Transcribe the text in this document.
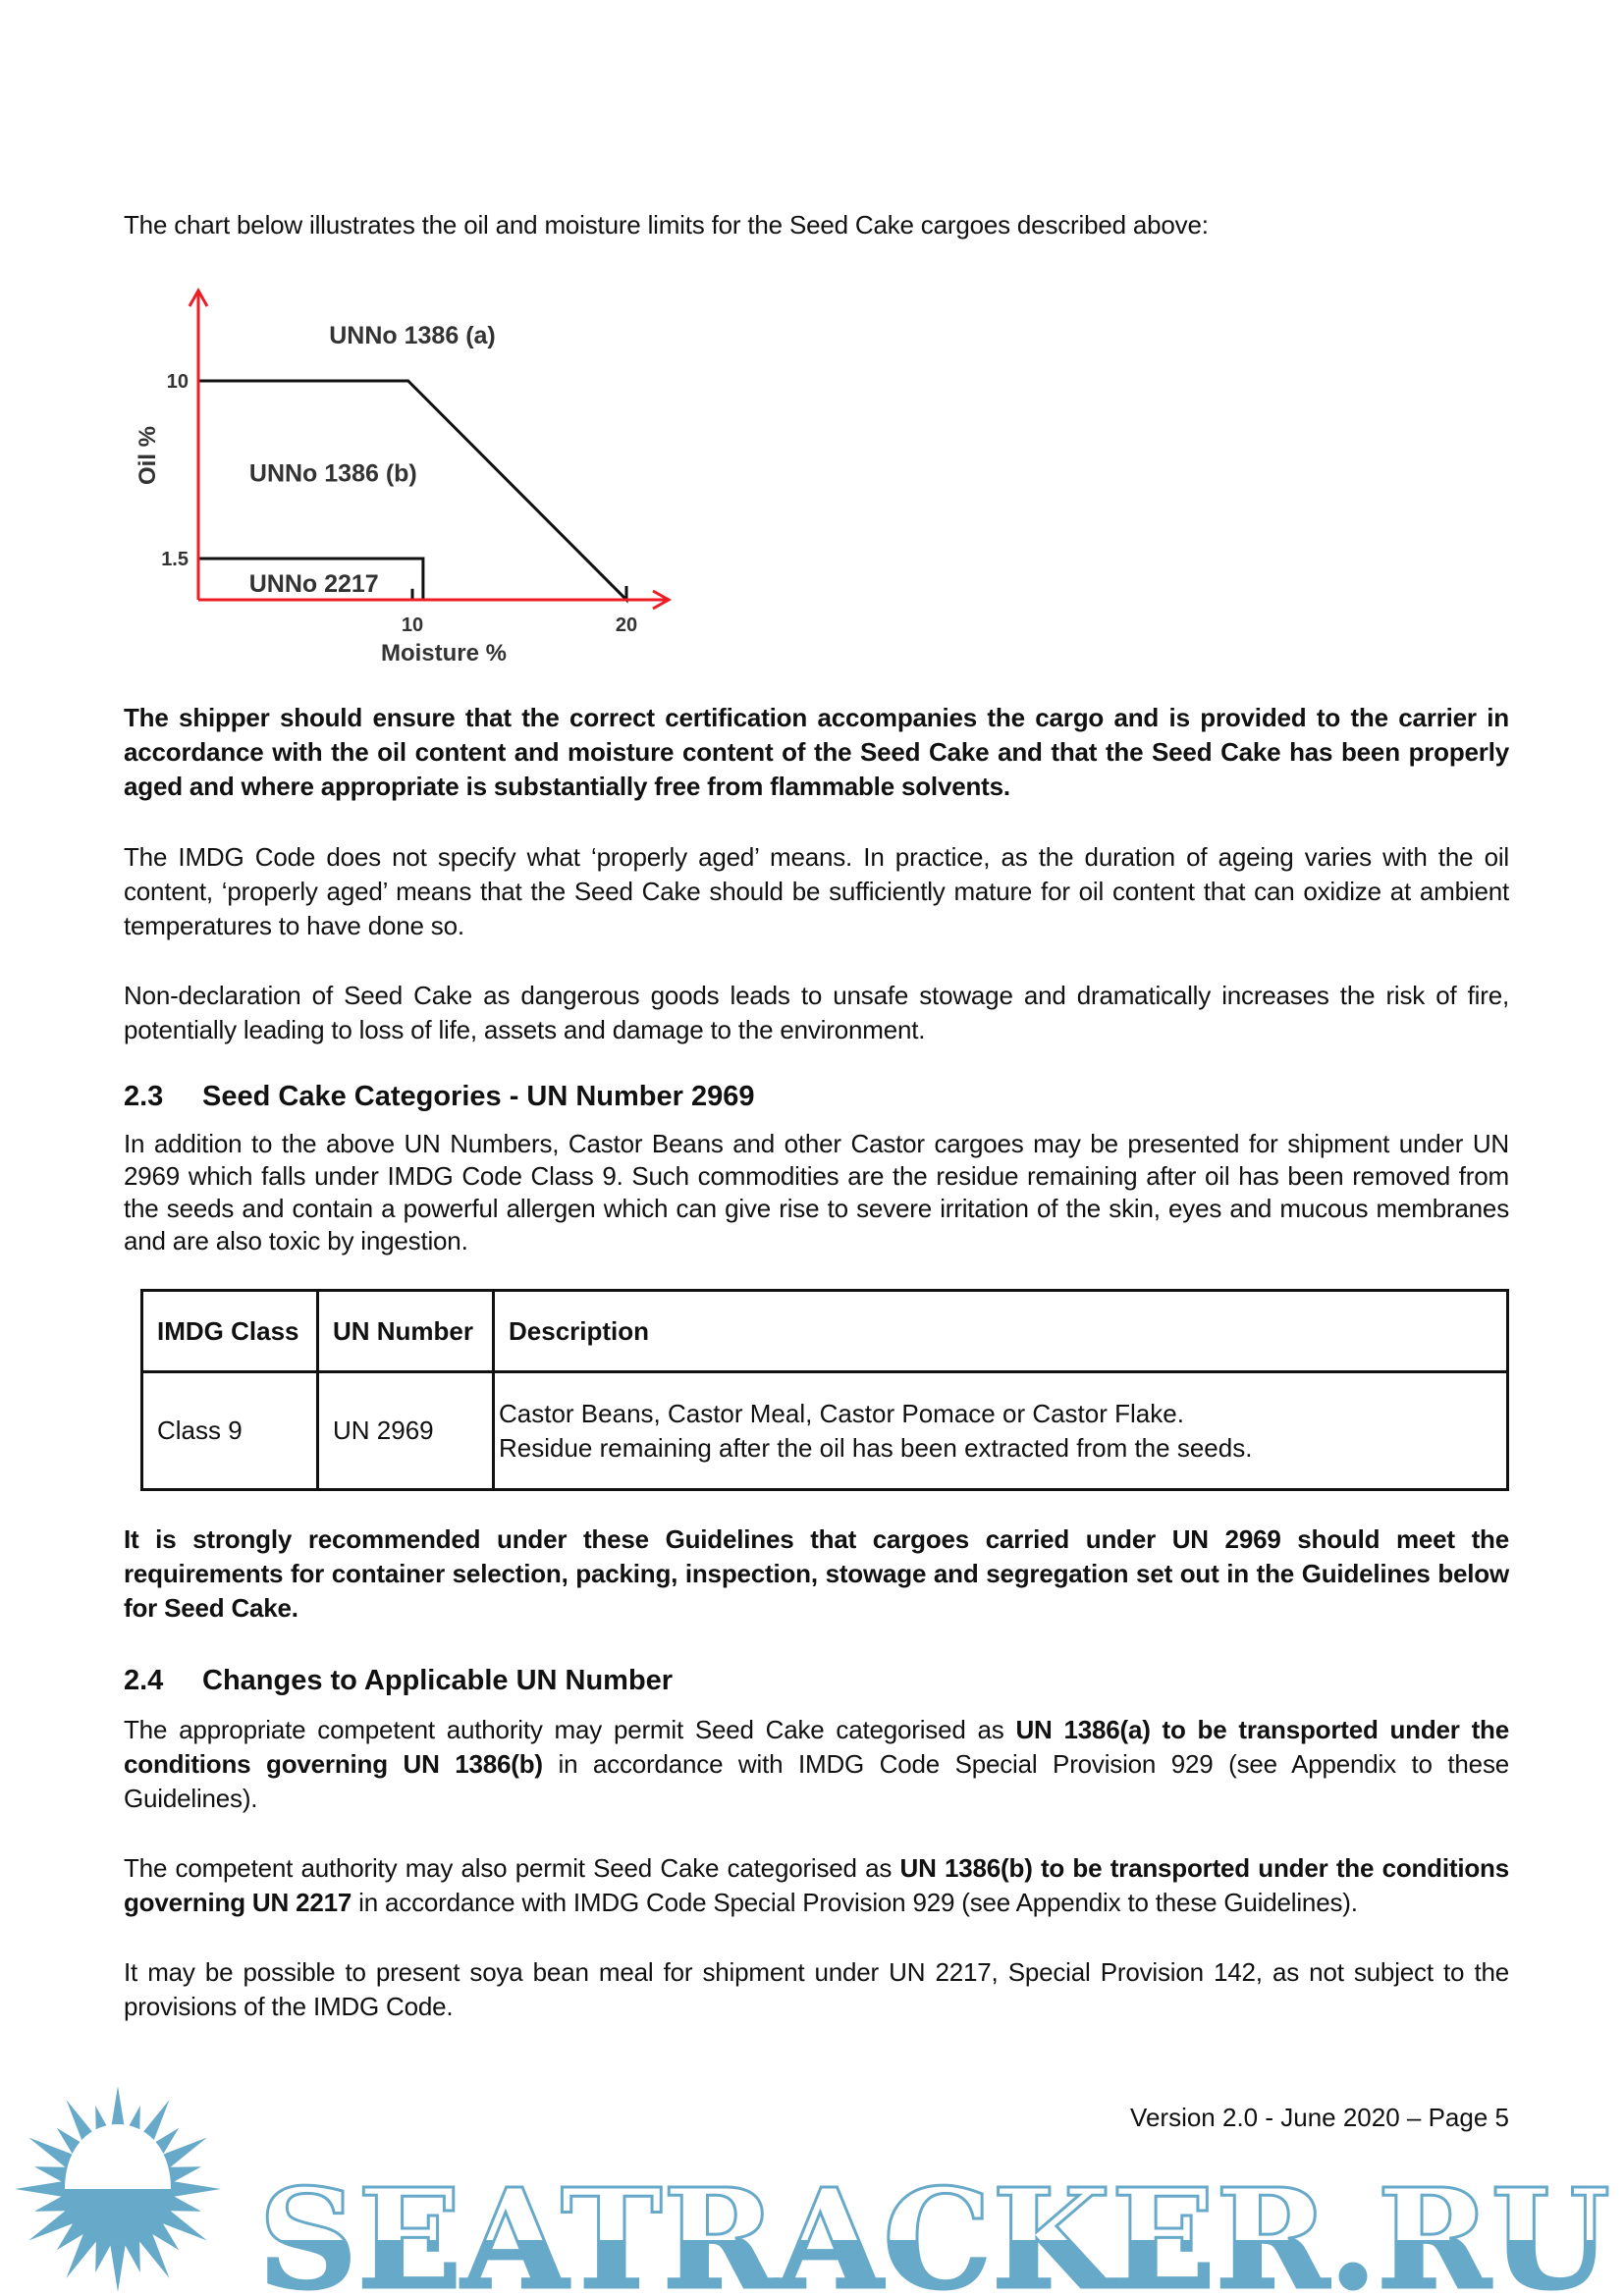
The chart below illustrates the oil and moisture limits for the Seed Cake cargoes described above:

1.5
10
10	20
UNNo 1386 (a)
UNNo 1386 (b)
UNNo 2217
Moisture %
Oil %

The shipper should ensure that the correct certification accompanies the cargo and is provided to the carrier in accordance with the oil content and moisture content of the Seed Cake and that the Seed Cake has been properly aged and where appropriate is substantially free from flammable solvents.

The IMDG Code does not specify what ‘properly aged’ means. In practice, as the duration of ageing varies with the oil content, ‘properly aged’ means that the Seed Cake should be sufficiently mature for oil content that can oxidize at ambient temperatures to have done so.

Non-declaration of Seed Cake as dangerous goods leads to unsafe stowage and dramatically increases the risk of fire, potentially leading to loss of life, assets and damage to the environment.

2.3 Seed Cake Categories - UN Number 2969

In addition to the above UN Numbers, Castor Beans and other Castor cargoes may be presented for shipment under UN 2969 which falls under IMDG Code Class 9. Such commodities are the residue remaining after oil has been removed from the seeds and contain a powerful allergen which can give rise to severe irritation of the skin, eyes and mucous membranes and are also toxic by ingestion.

IMDG Class	UN Number	Description
Class 9	UN 2969	Castor Beans, Castor Meal, Castor Pomace or Castor Flake.
Residue remaining after the oil has been extracted from the seeds.

It is strongly recommended under these Guidelines that cargoes carried under UN 2969 should meet the requirements for container selection, packing, inspection, stowage and segregation set out in the Guidelines below for Seed Cake.

2.4 Changes to Applicable UN Number

The appropriate competent authority may permit Seed Cake categorised as UN 1386(a) to be transported under the conditions governing UN 1386(b) in accordance with IMDG Code Special Provision 929 (see Appendix to these Guidelines).

The competent authority may also permit Seed Cake categorised as UN 1386(b) to be transported under the conditions governing UN 2217 in accordance with IMDG Code Special Provision 929 (see Appendix to these Guidelines).

It may be possible to present soya bean meal for shipment under UN 2217, Special Provision 142, as not subject to the provisions of the IMDG Code.

Version 2.0 - June 2020 – Page 5
SEATRACKER.RU
